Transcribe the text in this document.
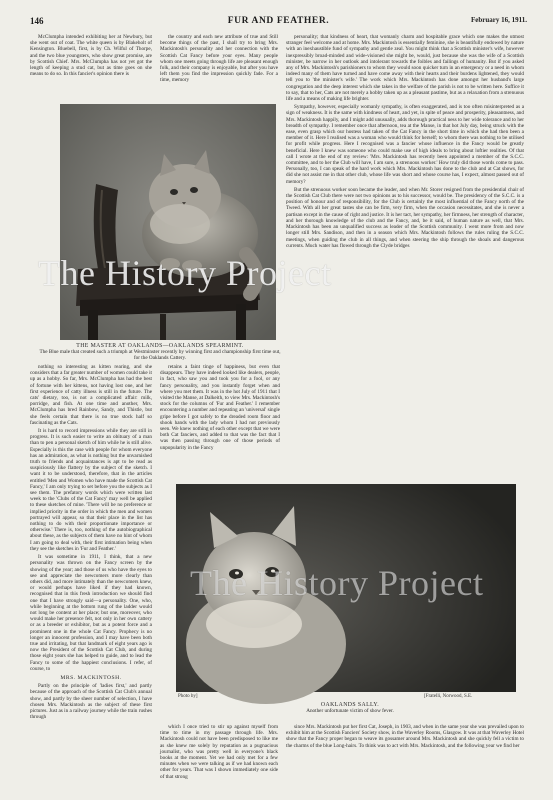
146	FUR AND FEATHER.	February 16, 1911.

McClumpha intended exhibiting her at Newbury, but she went out of coat. The white queen is by Blakeholt of Kensington. Bluebell, first, is by Ch. Wilful of Thorpe, and the two blue youngsters, who show great promise, are by Scottish Chief. Mrs. McClumpha has not yet got the length of keeping a stud cat, but as time goes on she means to do so. In this fancier's opinion there is

the country and each new attribute of true and Still become things of the past, I shall try to bring Mrs. Mackintosh's personality and her connection with the Scottish Cat Fancy before your eyes. Many people whom one meets going through life are pleasant enough folk, and their company is enjoyable, but after you have left them you find the impression quickly fade. For a time, memory

personality; that kindness of heart, that womanly charm and hospitable grace which one makes the utmost stranger feel welcome and at home. Mrs. Mackintosh is essentially feminine, she is beautifully endowed by nature with an inexhaustible fund of sympathy and gentle zeal. You might think that a Scottish minister's wife, however inexpressibly broad-minded and wide-visioned she might be, would, just because she was the wife of a Scottish minister, be narrow in her outlook and intolerant towards the foibles and failings of humanity. But if you asked any of Mrs. Mackintosh's parishioners to whom they would soon quicker turn in an emergency or a need in whom indeed many of them have turned and have come away with their hearts and their burdens lightened, they would tell you to 'the minister's wife.' The work which Mrs. Mackintosh has done amongst her husband's large congregation and the deep interest which she takes in the welfare of the parish is not to be written here. Suffice it to say, that to her, Cats are not merely a hobby taken up as a pleasant pastime, but as a relaxation from a strenuous life and a means of making life brighter.

Sympathy, however, especially womanly sympathy, is often exaggerated, and is too often misinterpreted as a sign of weakness. It is the same with kindness of heart, and yet, in spite of peace and prosperity, pleasantness, and Mrs. Mackintosh happily, and I might add unusually, adds thorough practical ness to her wide tolerance and to her breadth of sympathy. I remember once that afternoon, tea at the Manse, in that hot July day, being struck with the ease, even grasp which our hostess had taken of the Cat Fancy in the short time in which she had then been a member of it. Here I realised was a woman who would think for herself; to whom there was nothing to be utilised for profit while progress. Here I recognised was a fancier whose influence in the Fancy would be greatly beneficial. Here I knew was someone who could make use of high ideals to bring about loftier realities. Of that call I wrote at the end of my review: 'Mrs. Mackintosh has recently been appointed a member of the S.C.C. committee, and to her the Club will have, I am sure, a strenuous worker.' How truly did those words come to pass. Personally, too, I can speak of the hard work which Mrs. Mackintosh has done to the club and at Cat shows, for did she not assist me in that other club, whose life was short and whose course has, I expect, almost passed out of memory?

But the strenuous worker soon became the leader, and when Mr. Storer resigned from the presidential chair of the Scottish Cat Club there were not two opinions as to his successor, would be. The presidency of the S.C.C. is a position of honour and of responsibility, for the Club is certainly the most influential of the Fancy north of the Tweed. With all her great tastes she can be firm, very firm, when the occasion necessitates, and she is never a partisan except in the cause of right and justice. It is her tact, her sympathy, her firmness, her strength of character, and her thorough knowledge of the club and the Fancy, and, be it said, of human nature as well, that Mrs. Mackintosh has been an unqualified success as leader of the Scottish community. I went more from and now longer still Mrs. Sandison, and then in a season which Mrs. Mackintosh follows the rules ruling the S.C.C. meetings, when guiding the club in all things, and when steering the ship through the shoals and dangerous currents. Much water has flowed through the Clyde bridges

The History Project
THE MASTER AT OAKLANDS—OAKLANDS SPEARMINT.
The Blue male that created such a triumph at Westminster recently by winning first and championship first time out, for the Oaklands Cattery.

nothing so interesting as kitten rearing, and she considers that a far greater number of women could take it up as a hobby. So far, Mrs. McClumpha has had the best of fortune with her kittens, not having lost one, and her first experience of catty illness is still in the future. The cats' dietary, too, is not a complicated affair: milk, porridge, and fish. At one time and another, Mrs. McClumpha has bred Rainbow, Sandy, and Thistle, but she feels certain that there is no true stock half so fascinating as the Cats.

It is hard to record impressions while they are still in progress. It is such easier to write an obituary of a man than to pen a personal sketch of him while he is still alive. Especially is this the case with people for whom everyone has an admiration, as what is nothing but the unvarnished truth to friends and acquaintances is apt to be read as suspiciously like flattery by the subject of the sketch. I want it to be understood, therefore, that in the articles entitled 'Men and Women who have made the Scottish Cat Fancy,' I am only trying to set before you the subjects as I see them. The prefatory words which were written last week to the 'Clubs of the Cat Fancy' may well be applied to these sketches of mine. 'There will be no preference or implied priority in the order in which the men and women portrayed will appear, so that their place in the list has nothing to do with their proportionate importance or otherwise.' There is, too, nothing of the autobiographical about these, as the subjects of them have no hint of whom I am going to deal with, their first intimation being when they see the sketches in 'Fur and Feather.'

It was sometime in 1911, I think, that a new personality was thrown on the Fancy screen by the showing of the year; and those of us who have the eyes to see and appreciate the newcomers more clearly than others did, and more intimately than the newcomers knew, or would perhaps have liked if they had known, recognised that in this fresh introduction we should find one that I have strongly said—a personality. One, who, while beginning at the bottom rung of the ladder would not long be content at her place; but one, moreover, who would make her presence felt, not only in her own cattery or as a breeder or exhibitor, but as a potent force and a prominent one in the whole Cat Fancy. Prophecy is no longer an innocent profession, and I may have been both true and irritating, but that landmark of eight years ago is now the President of the Scottish Cat Club, and during those eight years she has helped to guide, and to lead the Fancy to some of the happiest conclusions. I refer, of course, to

MRS. MACKINTOSH.

Partly on the principle of 'ladies first,' and partly because of the approach of the Scottish Cat Club's annual show, and partly by the sheer number of selection, I have chosen Mrs. Mackintosh as the subject of these first pictures. Just as in a railway journey while the train rushes through

retains a faint tinge of happiness, but even that disappears. They have indeed looked like dealers, people, in fact, who saw you and took you for a fool, or any fancy personality, and you instantly forget when and where you met them. It was in the hot July of 1911 that I visited the Manse, at Dalkeith, to view Mrs. Mackintosh's stock for the columns of 'Fur and Feather.' I remember encountering a number and repeating an 'universal' single gripe before I got safely to the dreaded room floor and shook hands with the lady whom I had not previously seen. We knew nothing of each other except that we were both Cat fanciers, and added to that was the fact that I was then passing through one of those periods of unpopularity in the Fancy

The History Project
Photo by]	[Fratelli, Norwood, S.E.
OAKLANDS SALLY.
Another unfortunate victim of show fever.

which I once tried to stir up against myself from time to time in my passage through life. Mrs. Mackintosh could not have been predisposed to like me as she knew me solely by reputation as a pugnacious journalist, who was pretty well in everyone's black books at the moment. Yet we had only met for a few minutes when we were talking as if we had known each other for years. That was I shown immediately one side of that strong

since Mrs. Mackintosh put her first Cat, Joseph, in 1903, and when in the same year she was prevailed upon to exhibit him at the Scottish Fanciers' Society show, in the Waverley Rooms, Glasgow. It was at that Waverley Hotel show that the Fancy proper began to weave its gossamer around Mrs. Mackintosh and she quickly fell a victim to the charms of the blue Long-hairs. To think was to act with Mrs. Mackintosh, and the following year we find her
